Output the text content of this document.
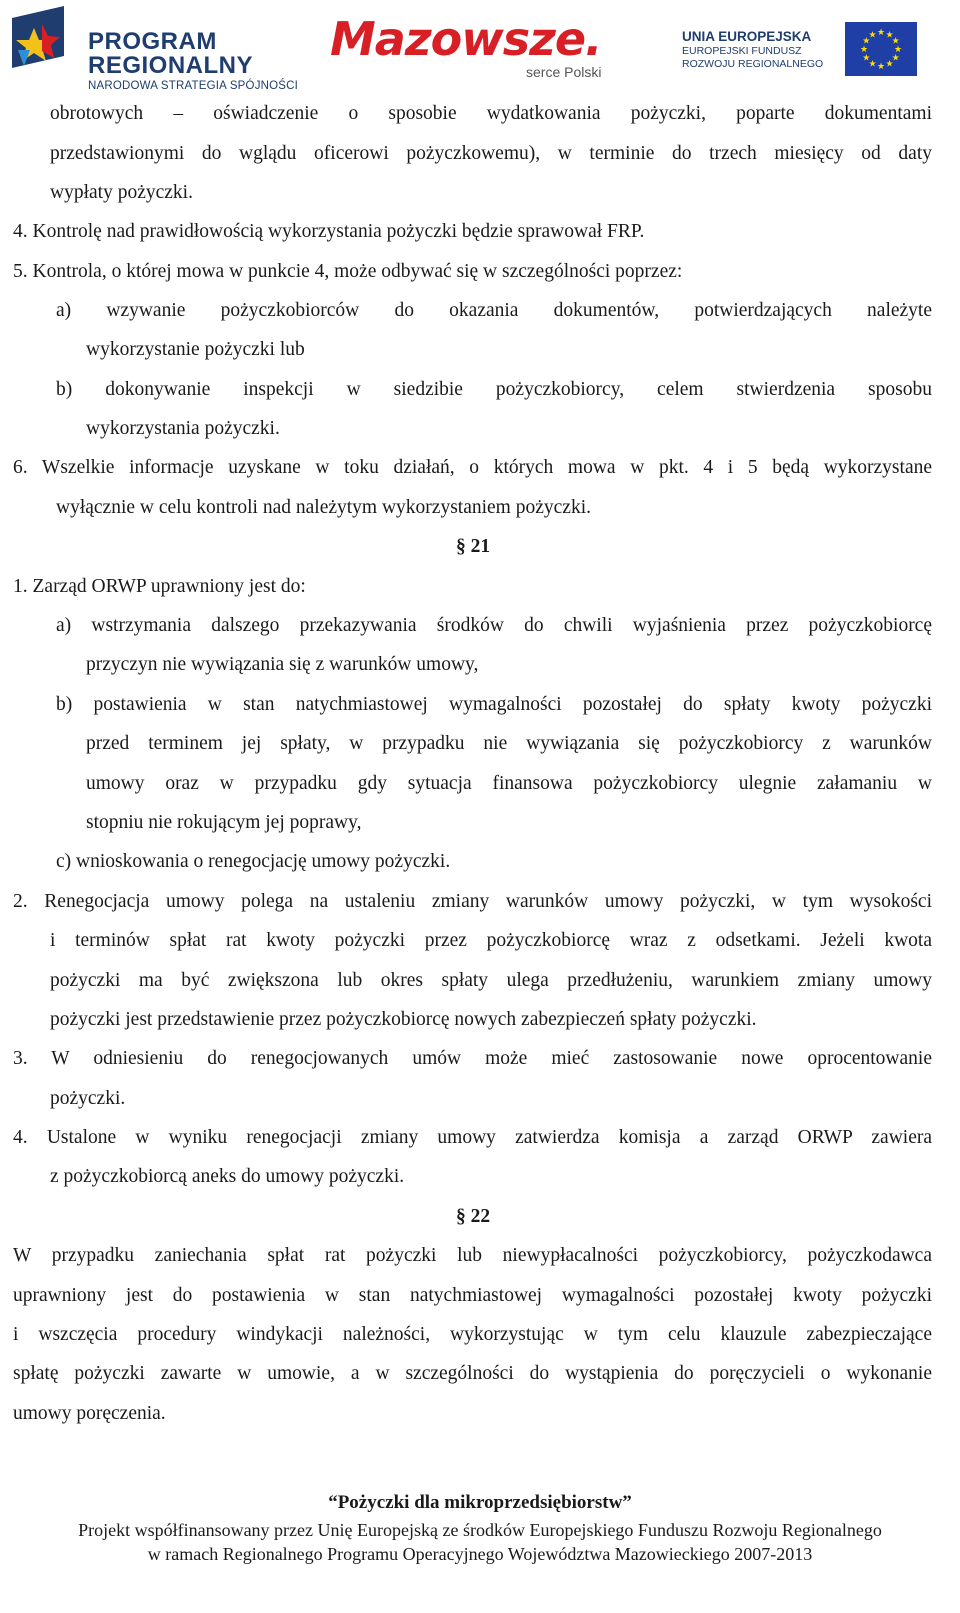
PROGRAM
REGIONALNY
NARODOWA STRATEGIA SPÓJNOŚCI
Mazowsze.
serce Polski
UNIA EUROPEJSKA
EUROPEJSKI FUNDUSZ
ROZWOJU REGIONALNEGO
★
★
★
★
★
★
★
★
★ ★ ★
★
obrotowych – oświadczenie o sposobie wydatkowania pożyczki, poparte dokumentami
przedstawionymi do wglądu oficerowi pożyczkowemu), w terminie do trzech miesięcy od daty
wypłaty pożyczki.
4. Kontrolę nad prawidłowością wykorzystania pożyczki będzie sprawował FRP.
5. Kontrola, o której mowa w punkcie 4, może odbywać się w szczególności poprzez:
a) wzywanie pożyczkobiorców do okazania dokumentów, potwierdzających należyte
wykorzystanie pożyczki lub
b) dokonywanie inspekcji w siedzibie pożyczkobiorcy, celem stwierdzenia sposobu
wykorzystania pożyczki.
6. Wszelkie informacje uzyskane w toku działań, o których mowa w pkt. 4 i 5 będą wykorzystane
wyłącznie w celu kontroli nad należytym wykorzystaniem pożyczki.
§ 21
1. Zarząd ORWP uprawniony jest do:
a) wstrzymania dalszego przekazywania środków do chwili wyjaśnienia przez pożyczkobiorcę
przyczyn nie wywiązania się z warunków umowy,
b) postawienia w stan natychmiastowej wymagalności pozostałej do spłaty kwoty pożyczki
przed terminem jej spłaty, w przypadku nie wywiązania się pożyczkobiorcy z warunków
umowy oraz w przypadku gdy sytuacja finansowa pożyczkobiorcy ulegnie załamaniu w
stopniu nie rokującym jej poprawy,
c) wnioskowania o renegocjację umowy pożyczki.
2. Renegocjacja umowy polega na ustaleniu zmiany warunków umowy pożyczki, w tym wysokości
i terminów spłat rat kwoty pożyczki przez pożyczkobiorcę wraz z odsetkami. Jeżeli kwota
pożyczki ma być zwiększona lub okres spłaty ulega przedłużeniu, warunkiem zmiany umowy
pożyczki jest przedstawienie przez pożyczkobiorcę nowych zabezpieczeń spłaty pożyczki.
3. W odniesieniu do renegocjowanych umów może mieć zastosowanie nowe oprocentowanie
pożyczki.
4. Ustalone w wyniku renegocjacji zmiany umowy zatwierdza komisja a zarząd ORWP zawiera
z pożyczkobiorcą aneks do umowy pożyczki.
§ 22
W przypadku zaniechania spłat rat pożyczki lub niewypłacalności pożyczkobiorcy, pożyczkodawca
uprawniony jest do postawienia w stan natychmiastowej wymagalności pozostałej kwoty pożyczki
i wszczęcia procedury windykacji należności, wykorzystując w tym celu klauzule zabezpieczające
spłatę pożyczki zawarte w umowie, a w szczególności do wystąpienia do poręczycieli o wykonanie
umowy poręczenia.
“Pożyczki dla mikroprzedsiębiorstw”
Projekt współfinansowany przez Unię Europejską ze środków Europejskiego Funduszu Rozwoju Regionalnego
w ramach Regionalnego Programu Operacyjnego Województwa Mazowieckiego 2007-2013
